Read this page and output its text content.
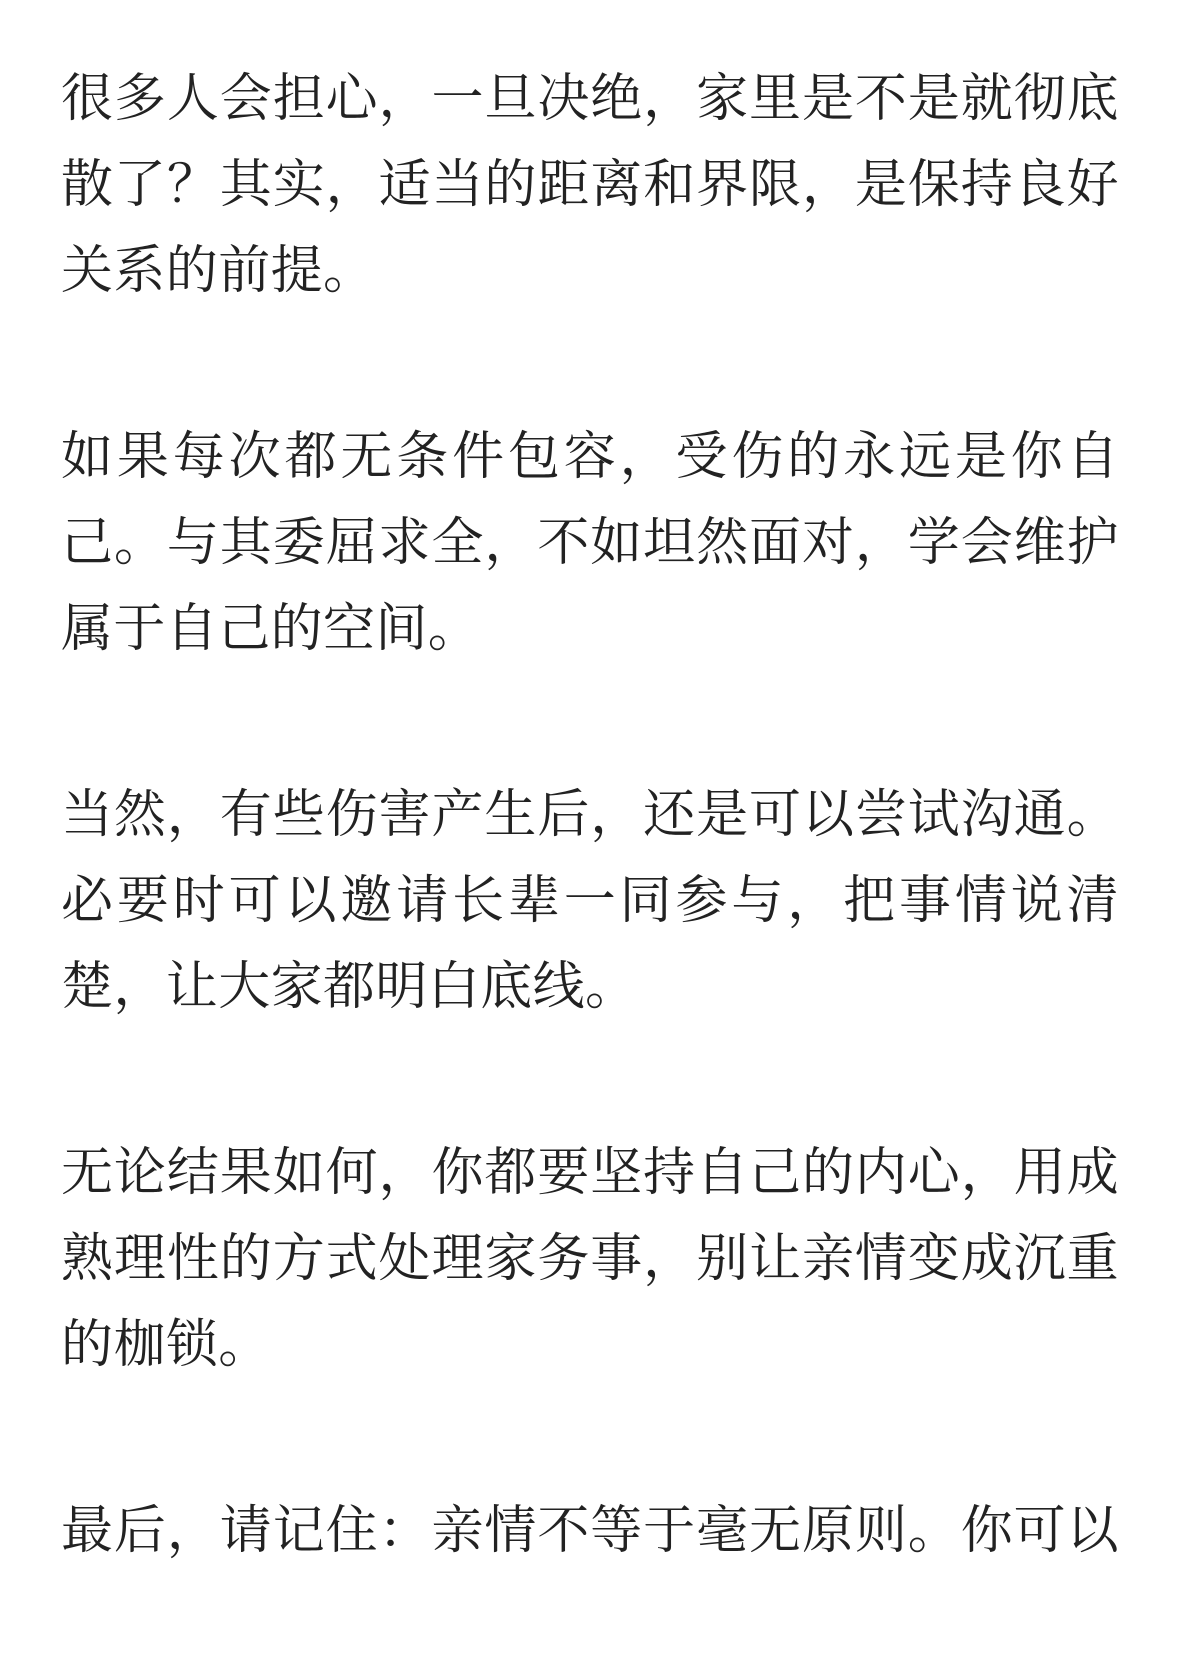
很多人会担心，一旦决绝，家里是不是就彻底
散了？其实，适当的距离和界限，是保持良好
关系的前提。

如果每次都无条件包容，受伤的永远是你自
己。与其委屈求全，不如坦然面对，学会维护
属于自己的空间。

当然，有些伤害产生后，还是可以尝试沟通。
必要时可以邀请长辈一同参与，把事情说清
楚，让大家都明白底线。

无论结果如何，你都要坚持自己的内心，用成
熟理性的方式处理家务事，别让亲情变成沉重
的枷锁。

最后，请记住：亲情不等于毫无原则。你可以
